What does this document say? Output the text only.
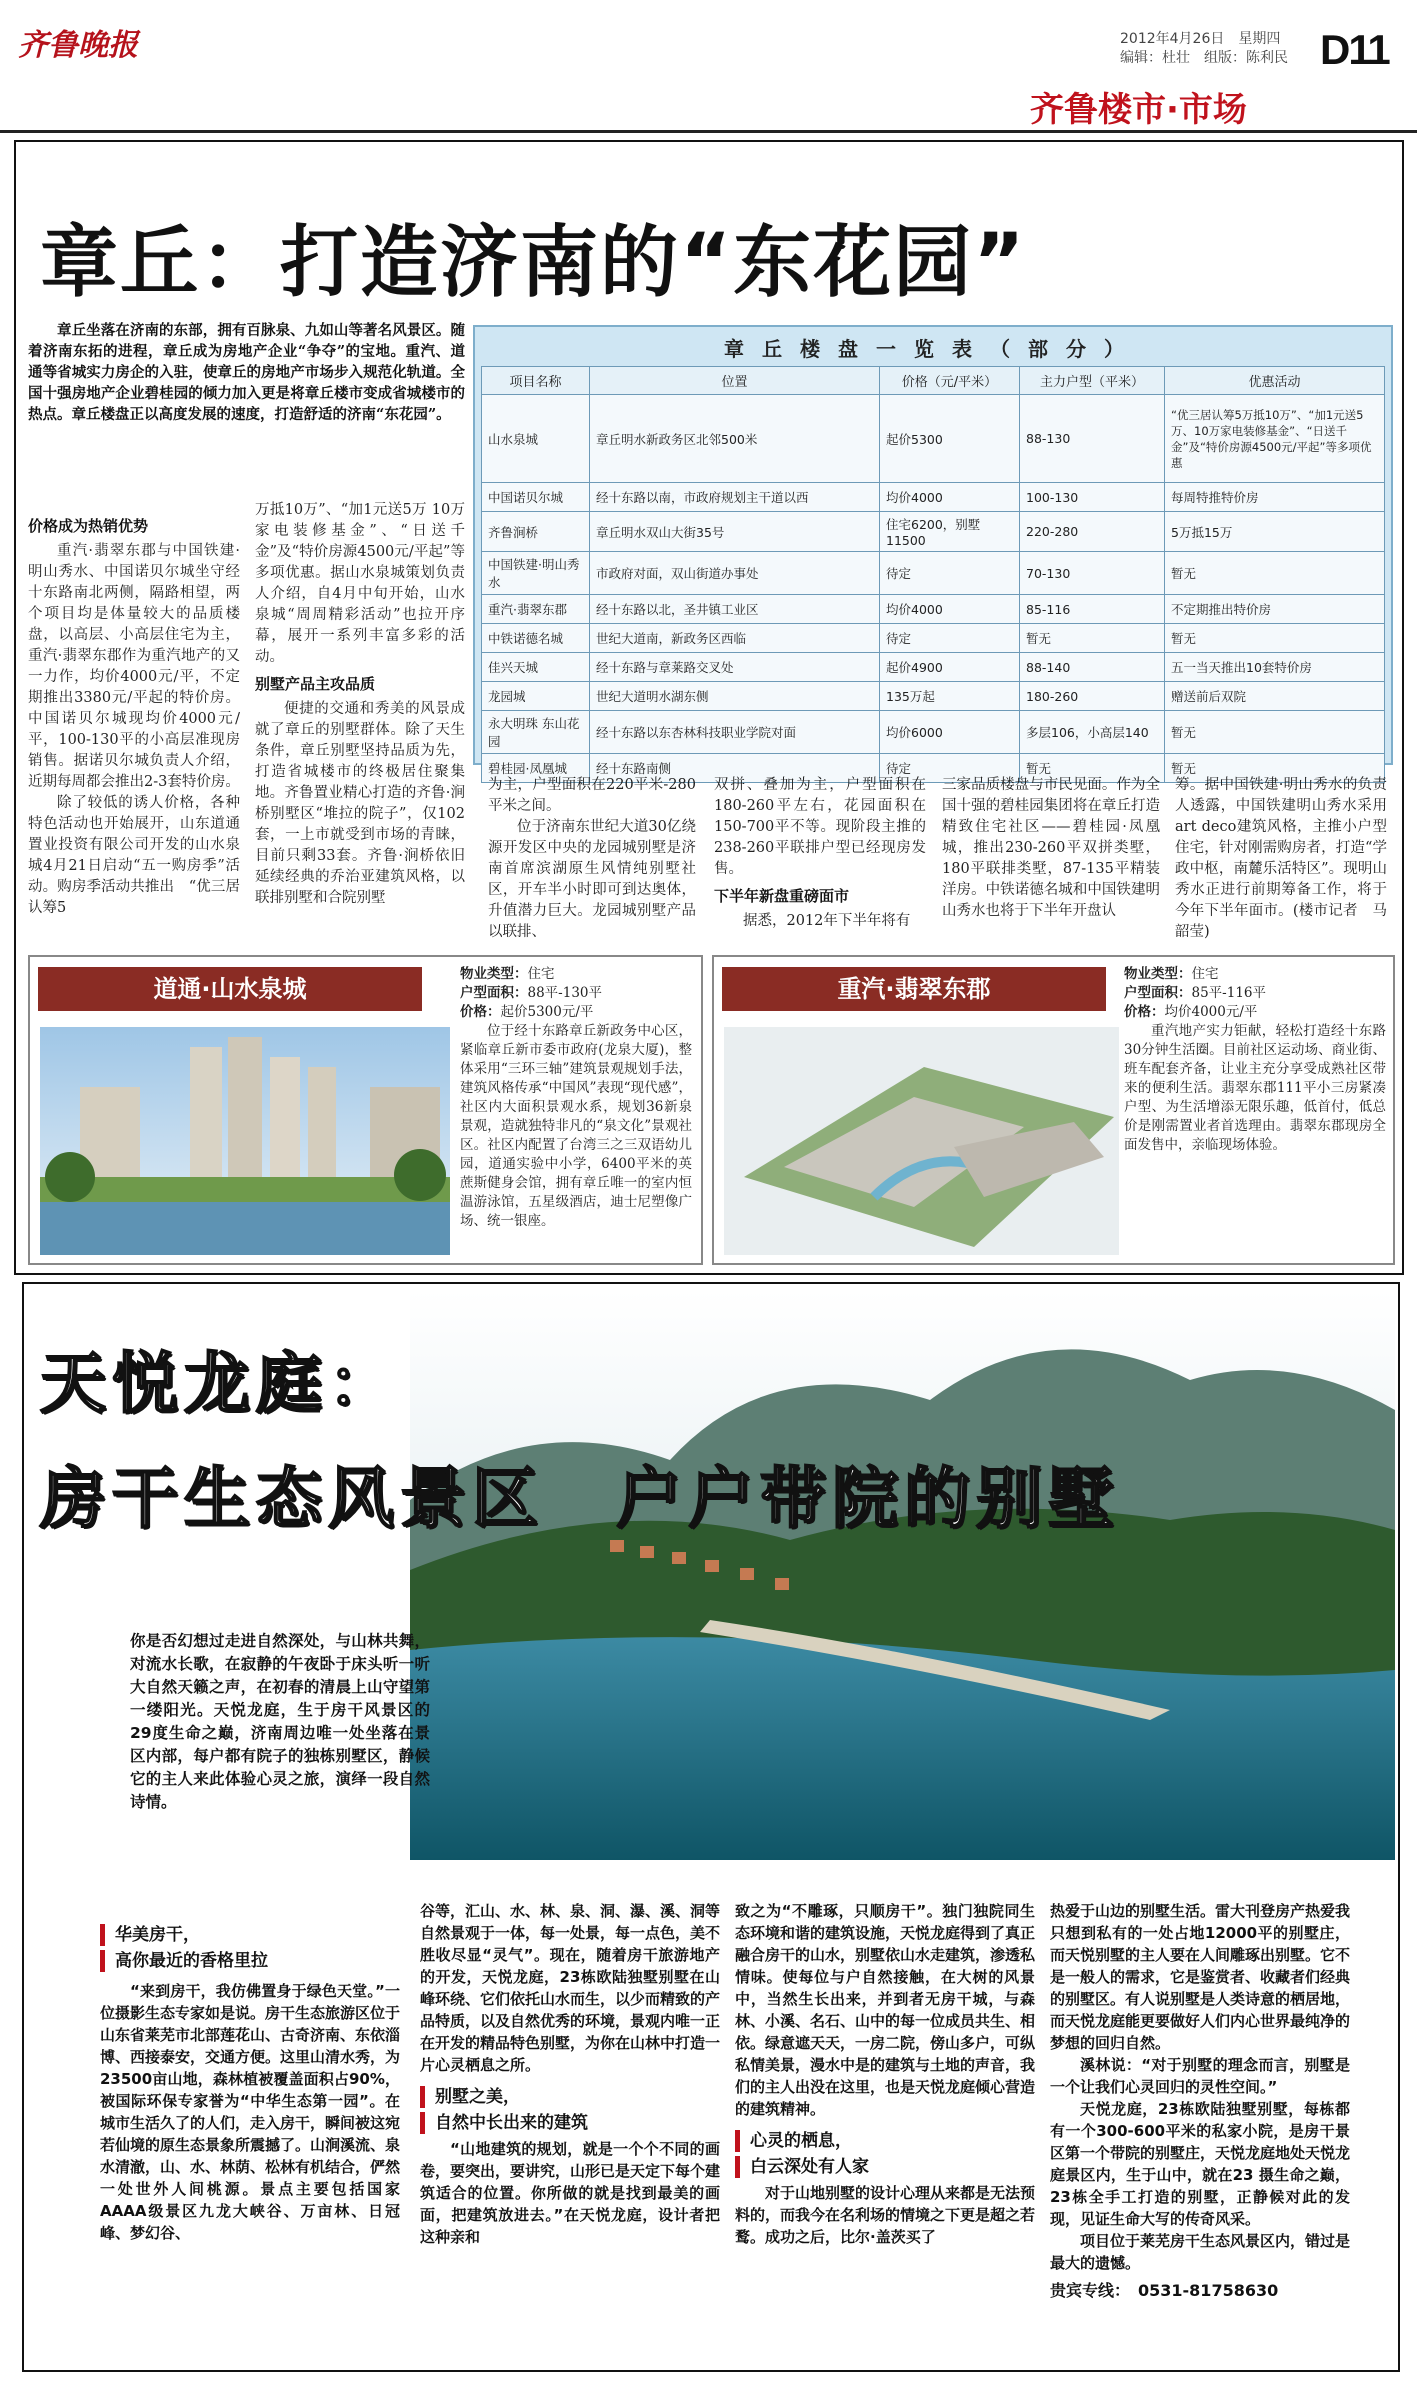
齐鲁晚报	2012年4月26日　星期四
编辑：杜壮　组版：陈利民 D11
齐鲁楼市·市场
章丘：打造济南的“东花园”

章丘坐落在济南的东部，拥有百脉泉、九如山等著名风景区。随着济南东拓的进程，章丘成为房地产企业“争夺”的宝地。重汽、道通等省城实力房企的入驻，使章丘的房地产市场步入规范化轨道。全国十强房地产企业碧桂园的倾力加入更是将章丘楼市变成省城楼市的热点。章丘楼盘正以高度发展的速度，打造舒适的济南“东花园”。

价格成为热销优势

重汽·翡翠东郡与中国铁建·明山秀水、中国诺贝尔城坐守经十东路南北两侧，隔路相望，两个项目均是体量较大的品质楼盘，以高层、小高层住宅为主，重汽·翡翠东郡作为重汽地产的又一力作，均价4000元/平，不定期推出3380元/平起的特价房。中国诺贝尔城现均价4000元/平，100-130平的小高层准现房销售。据诺贝尔城负责人介绍，近期每周都会推出2-3套特价房。

除了较低的诱人价格，各种特色活动也开始展开，山东道通置业投资有限公司开发的山水泉城4月21日启动“五一购房季”活动。购房季活动共推出　“优三居认筹5

万抵10万”、“加1元送5万 10万家电装修基金”、“日送千金”及“特价房源4500元/平起”等多项优惠。据山水泉城策划负责人介绍，自4月中旬开始，山水泉城“周周精彩活动”也拉开序幕，展开一系列丰富多彩的活动。

别墅产品主攻品质

便捷的交通和秀美的风景成就了章丘的别墅群体。除了天生条件，章丘别墅坚持品质为先，打造省城楼市的终极居住聚集地。齐鲁置业精心打造的齐鲁·涧桥别墅区“堆拉的院子”，仅102套，一上市就受到市场的青睐，目前只剩33套。齐鲁·涧桥依旧延续经典的乔治亚建筑风格，以联排别墅和合院别墅

章丘楼盘一览表（部分）
项目名称	位置	价格（元/平米）	主力户型（平米）	优惠活动
山水泉城	章丘明水新政务区北邻500米	起价5300	88-130	“优三居认筹5万抵10万”、“加1元送5万、10万家电装修基金”、“日送千金”及“特价房源4500元/平起”等多项优惠
中国诺贝尔城	经十东路以南，市政府规划主干道以西	均价4000	100-130	每周特推特价房
齐鲁涧桥	章丘明水双山大街35号	住宅6200，别墅11500	220-280	5万抵15万
中国铁建·明山秀水	市政府对面，双山街道办事处	待定	70-130	暂无
重汽·翡翠东郡	经十东路以北，圣井镇工业区	均价4000	85-116	不定期推出特价房
中铁诺德名城	世纪大道南，新政务区西临	待定	暂无	暂无
佳兴天城	经十东路与章莱路交叉处	起价4900	88-140	五一当天推出10套特价房
龙园城	世纪大道明水湖东侧	135万起	180-260	赠送前后双院
永大明珠 东山花园	经十东路以东杏林科技职业学院对面	均价6000	多层106，小高层140	暂无
碧桂园·凤凰城	经十东路南侧	待定	暂无	暂无

为主，户型面积在220平米-280平米之间。

位于济南东世纪大道30亿绕源开发区中央的龙园城别墅是济南首席滨湖原生风情纯别墅社区，开车半小时即可到达奥体，升值潜力巨大。龙园城别墅产品以联排、

双拼、叠加为主，户型面积在180-260平左右，花园面积在150-700平不等。现阶段主推的238-260平联排户型已经现房发售。

下半年新盘重磅面市

据悉，2012年下半年将有

三家品质楼盘与市民见面。作为全国十强的碧桂园集团将在章丘打造精致住宅社区——碧桂园·凤凰城，推出230-260平双拼类墅，180平联排类墅，87-135平精装洋房。中铁诺德名城和中国铁建明山秀水也将于下半年开盘认

筹。据中国铁建·明山秀水的负责人透露，中国铁建明山秀水采用art deco建筑风格，主推小户型住宅，针对刚需购房者，打造“学政中枢，南麓乐活特区”。现明山秀水正进行前期筹备工作，将于今年下半年面市。(楼市记者　马韶莹)

道通·山水泉城
物业类型：住宅
户型面积：88平-130平
价格：起价5300元/平

位于经十东路章丘新政务中心区，紧临章丘新市委市政府(龙泉大厦)，整体采用“三环三轴”建筑景观规划手法，建筑风格传承“中国风”表现“现代感”，社区内大面积景观水系，规划36新泉景观，造就独特非凡的“泉文化”景观社区。社区内配置了台湾三之三双语幼儿园，道通实验中小学，6400平米的英蔗斯健身会馆，拥有章丘唯一的室内恒温游泳馆，五星级酒店，迪士尼塑像广场、统一银座。

重汽·翡翠东郡
物业类型：住宅
户型面积：85平-116平
价格：均价4000元/平

重汽地产实力钜献，轻松打造经十东路30分钟生活圈。目前社区运动场、商业街、班车配套齐备，让业主充分享受成熟社区带来的便利生活。翡翠东郡111平小三房紧凑户型、为生活增添无限乐趣，低首付，低总价是刚需置业者首选理由。翡翠东郡现房全面发售中，亲临现场体验。

天悦龙庭：
房干生态风景区　户户带院的别墅
你是否幻想过走进自然深处，与山林共舞，对流水长歌，在寂静的午夜卧于床头听一听大自然天籁之声，在初春的清晨上山守望第一缕阳光。天悦龙庭，生于房干风景区的29度生命之巅，济南周边唯一处坐落在景区内部，每户都有院子的独栋别墅区，静候它的主人来此体验心灵之旅，演绎一段自然诗情。
华美房干，
高你最近的香格里拉

“来到房干，我仿佛置身于绿色天堂。”一位摄影生态专家如是说。房干生态旅游区位于山东省莱芜市北部莲花山、古奇济南、东依淄博、西接泰安，交通方便。这里山清水秀，为23500亩山地，森林植被覆盖面积占90%，被国际环保专家誉为“中华生态第一园”。在城市生活久了的人们，走入房干，瞬间被这宛若仙境的原生态景象所震撼了。山涧溪流、泉水清澈，山、水、林荫、松林有机结合，俨然一处世外人间桃源。景点主要包括国家AAAA级景区九龙大峡谷、万亩林、日冠峰、梦幻谷、

谷等，汇山、水、林、泉、洞、瀑、溪、洞等自然景观于一体，每一处景，每一点色，美不胜收尽显“灵气”。现在，随着房干旅游地产的开发，天悦龙庭，23栋欧陆独墅别墅在山峰环绕、它们依托山水而生，以少而精致的产品特质，以及自然优秀的环境，景观内唯一正在开发的精品特色别墅，为你在山林中打造一片心灵栖息之所。

别墅之美，
自然中长出来的建筑

“山地建筑的规划，就是一个个不同的画卷，要突出，要讲究，山形已是天定下每个建筑适合的位置。你所做的就是找到最美的画面，把建筑放进去。”在天悦龙庭，设计者把这种亲和

致之为“不雕琢，只顺房干”。独门独院同生态环境和谐的建筑设施，天悦龙庭得到了真正融合房干的山水，别墅依山水走建筑，渗透私情味。使每位与户自然接触，在大树的风景中，当然生长出来，并到者无房干城，与森林、小溪、名石、山中的每一位成员共生、相依。绿意遮天天，一房二院，傍山多户，可纵私情美景，漫水中是的建筑与土地的声音，我们的主人出没在这里，也是天悦龙庭倾心营造的建筑精神。

心灵的栖息，
白云深处有人家

对于山地别墅的设计心理从来都是无法预料的，而我今在名利场的情境之下更是超之若鹜。成功之后，比尔·盖茨买了

热爱于山边的别墅生活。雷大刊登房产热爱我只想到私有的一处占地12000平的别墅庄，而天悦别墅的主人要在人间雕琢出别墅。它不是一般人的需求，它是鉴赏者、收藏者们经典的别墅区。有人说别墅是人类诗意的栖居地，而天悦龙庭能更要做好人们内心世界最纯净的梦想的回归自然。

溪林说：“对于别墅的理念而言，别墅是一个让我们心灵回归的灵性空间。”

天悦龙庭，23栋欧陆独墅别墅，每栋都有一个300-600平米的私家小院，是房干景区第一个带院的别墅庄，天悦龙庭地处天悦龙庭景区内，生于山中，就在23 摄生命之巅，23栋全手工打造的别墅，正静候对此的发现，见证生命大写的传奇风采。

项目位于莱芜房干生态风景区内，错过是最大的遗憾。

贵宾专线：　0531-81758630
